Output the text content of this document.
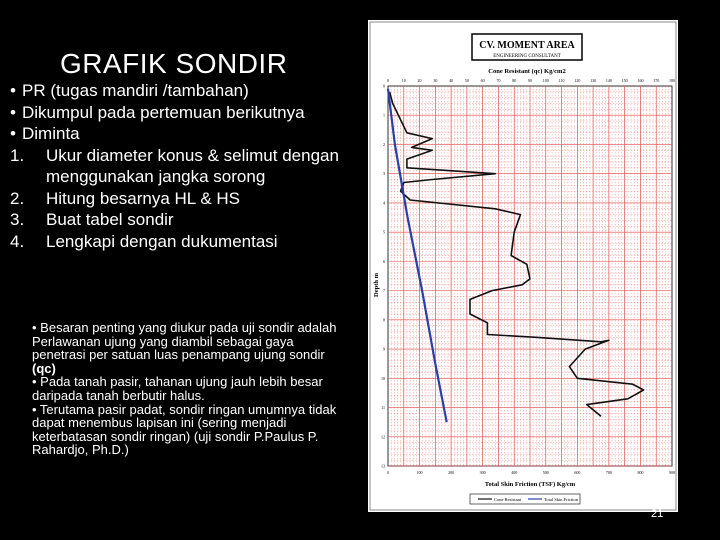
GRAFIK SONDIR
• PR (tugas mandiri /tambahan)
• Dikumpul pada pertemuan berikutnya
• Diminta
1. Ukur diameter konus & selimut dengan menggunakan jangka sorong
2. Hitung besarnya HL & HS
3. Buat tabel sondir
4. Lengkapi dengan dukumentasi

• Besaran penting yang diukur pada uji sondir adalah Perlawanan ujung yang diambil sebagai gaya penetrasi per satuan luas penampang ujung sondir (qc)

• Pada tanah pasir, tahanan ujung jauh lebih besar daripada tanah berbutir halus.

• Terutama pasir padat, sondir ringan umumnya tidak dapat menembus lapisan ini (sering menjadi keterbatasan sondir ringan) (uji sondir P.Paulus P. Rahardjo, Ph.D.)

CV. MOMENT AREA
ENGINEERING CONSULTANT
Cone Resistant (qc) Kg/cm2
Depth m
Total Skin Friction (TSF) Kg/cm
Cone Resistant	Total Skin Friction
0	10	20	30	40	50	60	70	80	90	100 110 120 130 140 150 160 170 180
0	100	200	300	400	500	600	700	800	900
0
1
2
3
4
5
6
7
8
9
10
11
12
13
21
